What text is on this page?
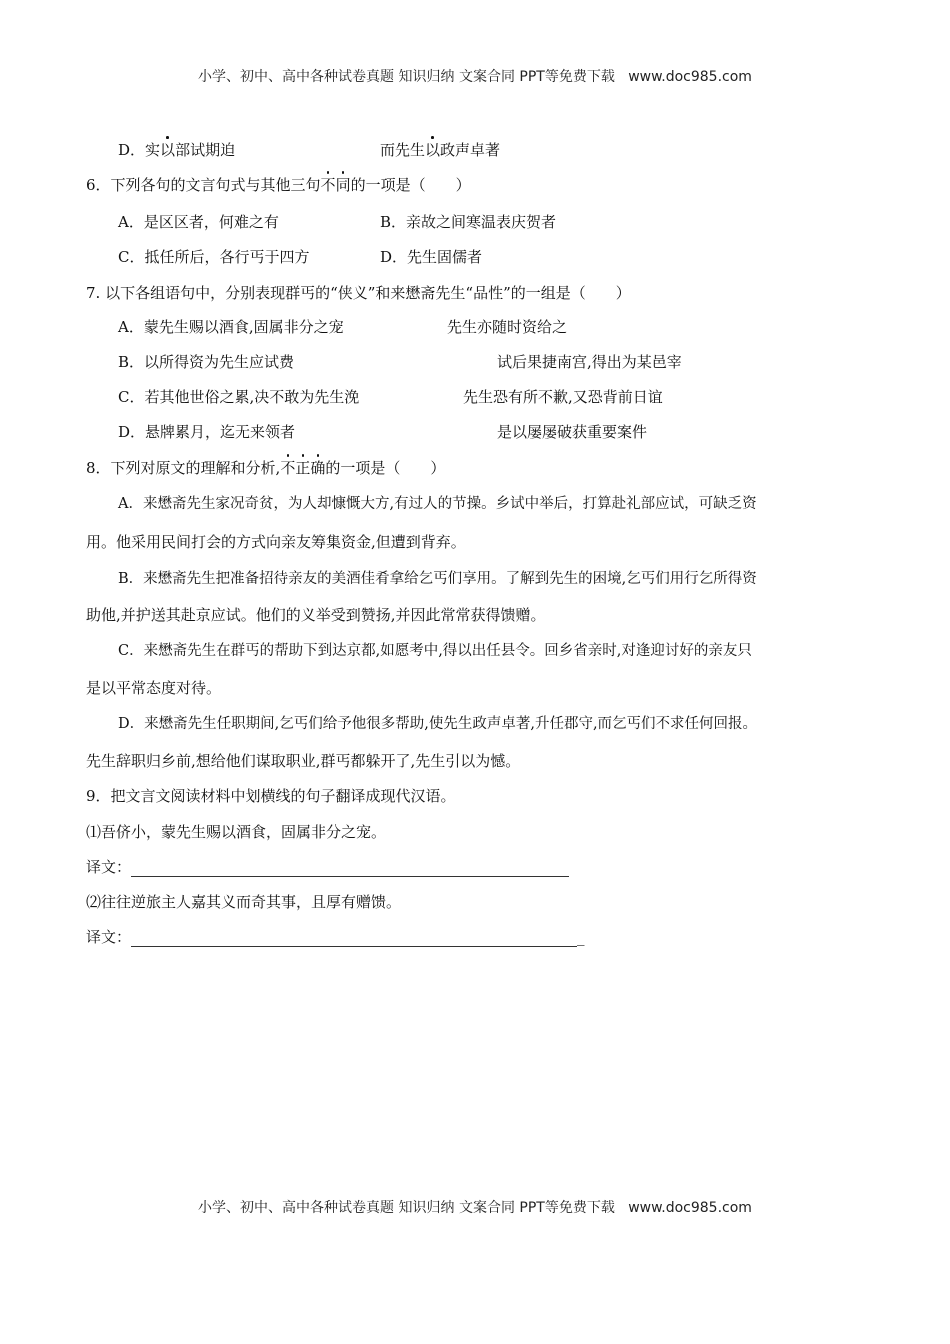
小学、初中、高中各种试卷真题 知识归纳 文案合同 PPT等免费下载 www.doc985.com
D．实以部试期迫	而先生以政声卓著
6．下列各句的文言句式与其他三句不同的一项是（　　）
A．是区区者，何难之有	B．亲故之间寒温表庆贺者
C．抵任所后，各行丐于四方	D．先生固儒者
7. 以下各组语句中，分别表现群丐的“侠义”和来懋斋先生“品性”的一组是（　　）
A．蒙先生赐以酒食,固属非分之宠	先生亦随时资给之
B．以所得资为先生应试费	试后果捷南宫,得出为某邑宰
C．若其他世俗之累,决不敢为先生浼	先生恐有所不歉,又恐背前日谊
D．悬牌累月，迄无来领者	是以屡屡破获重要案件
8．下列对原文的理解和分析,不正确的一项是（　　）
A．来懋斋先生家况奇贫，为人却慷慨大方,有过人的节操。乡试中举后，打算赴礼部应试，可缺乏资
用。他采用民间打会的方式向亲友筹集资金,但遭到背弃。
B．来懋斋先生把准备招待亲友的美酒佳肴拿给乞丐们享用。了解到先生的困境,乞丐们用行乞所得资
助他,并护送其赴京应试。他们的义举受到赞扬,并因此常常获得馈赠。
C．来懋斋先生在群丐的帮助下到达京都,如愿考中,得以出任县令。回乡省亲时,对逢迎讨好的亲友只
是以平常态度对待。
D．来懋斋先生任职期间,乞丐们给予他很多帮助,使先生政声卓著,升任郡守,而乞丐们不求任何回报。
先生辞职归乡前,想给他们谋取职业,群丐都躲开了,先生引以为憾。
9．把文言文阅读材料中划横线的句子翻译成现代汉语。
⑴吾侪小，蒙先生赐以酒食，固属非分之宠。
译文：
⑵往往逆旅主人嘉其义而奇其事，且厚有赠馈。
译文：	_
小学、初中、高中各种试卷真题 知识归纳 文案合同 PPT等免费下载 www.doc985.com
